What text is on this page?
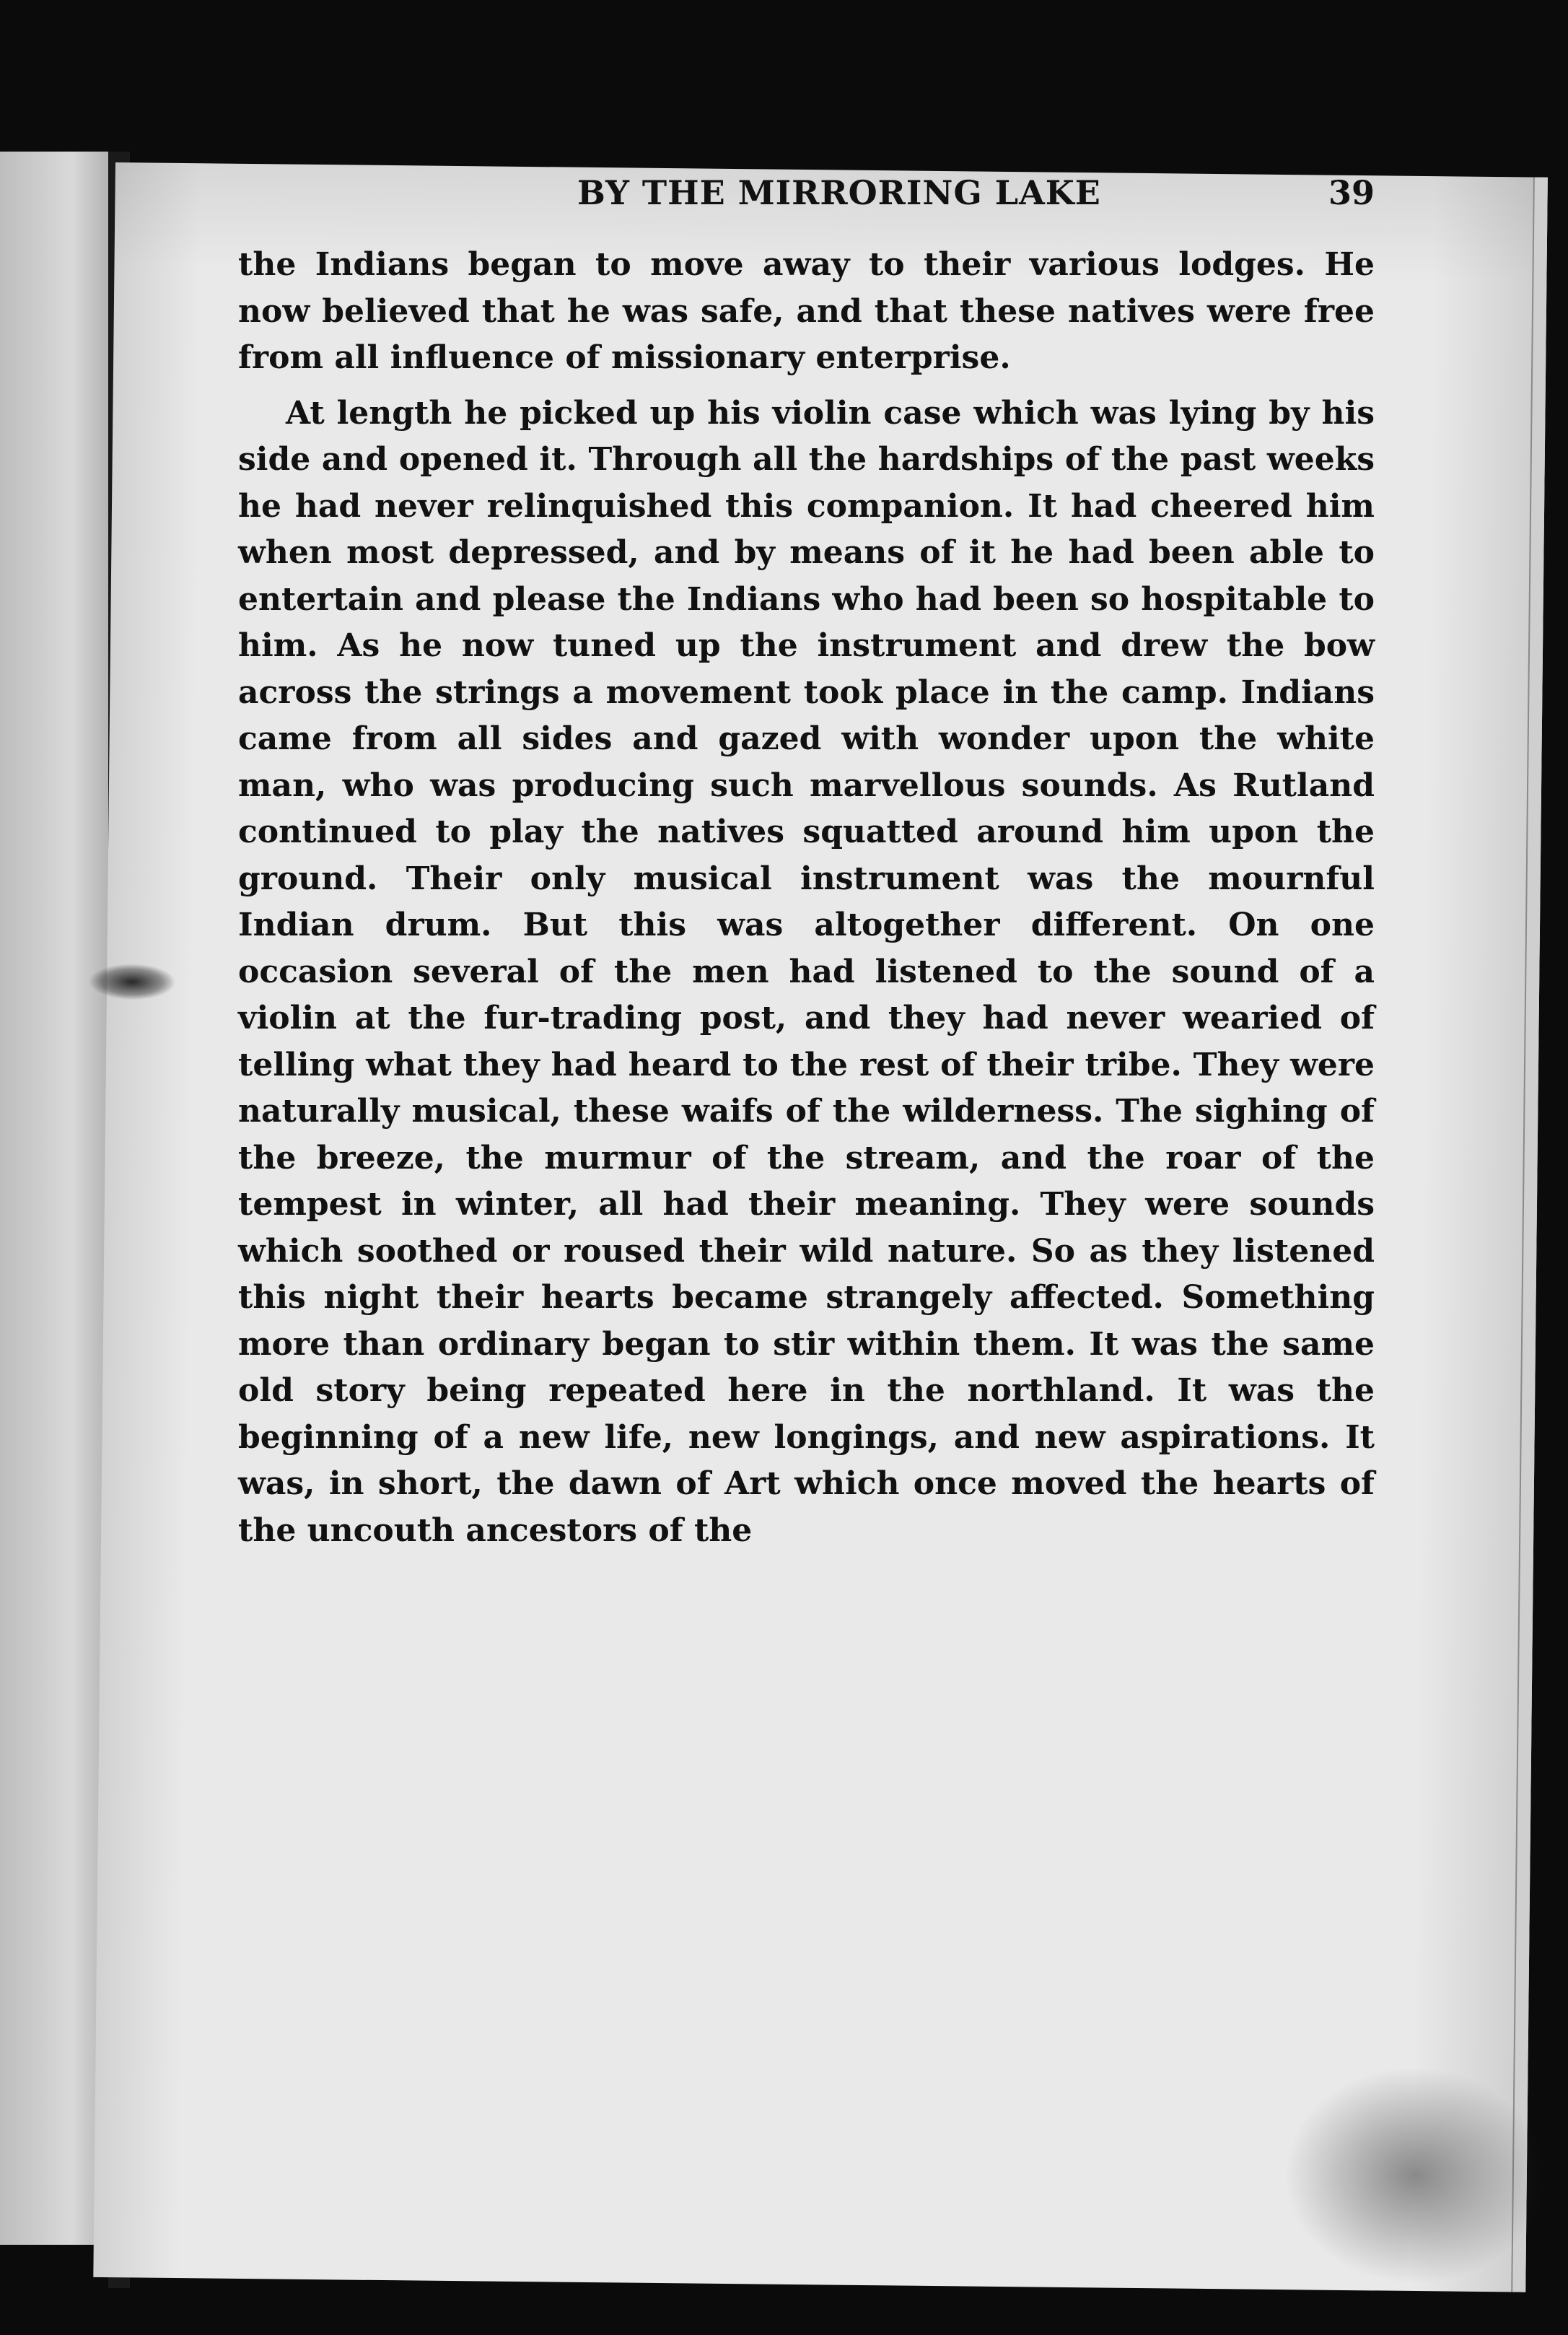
BY THE MIRRORING LAKE	39

the Indians began to move away to their various lodges. He now believed that he was safe, and that these natives were free from all influence of missionary enterprise.

At length he picked up his violin case which was lying by his side and opened it. Through all the hardships of the past weeks he had never relinquished this companion. It had cheered him when most depressed, and by means of it he had been able to entertain and please the Indians who had been so hospitable to him. As he now tuned up the instrument and drew the bow across the strings a movement took place in the camp. Indians came from all sides and gazed with wonder upon the white man, who was producing such marvellous sounds. As Rutland continued to play the natives squatted around him upon the ground. Their only musical instrument was the mournful Indian drum. But this was altogether different. On one occasion several of the men had listened to the sound of a violin at the fur-trading post, and they had never wearied of telling what they had heard to the rest of their tribe. They were naturally musical, these waifs of the wilderness. The sighing of the breeze, the murmur of the stream, and the roar of the tempest in winter, all had their meaning. They were sounds which soothed or roused their wild nature. So as they listened this night their hearts became strangely affected. Something more than ordinary began to stir within them. It was the same old story being repeated here in the northland. It was the beginning of a new life, new longings, and new aspirations. It was, in short, the dawn of Art which once moved the hearts of the uncouth ancestors of the
